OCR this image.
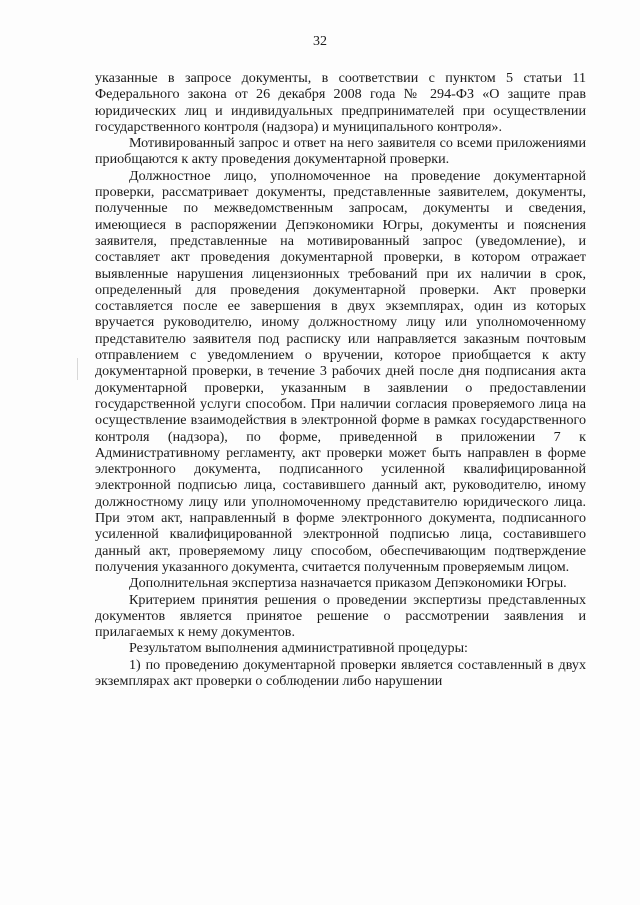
32

указанные в запросе документы, в соответствии с пунктом 5 статьи 11 Федерального закона от 26 декабря 2008 года № 294-ФЗ «О защите прав юридических лиц и индивидуальных предпринимателей при осуществлении государственного контроля (надзора) и муниципального контроля».

Мотивированный запрос и ответ на него заявителя со всеми приложениями приобщаются к акту проведения документарной проверки.

Должностное лицо, уполномоченное на проведение документарной проверки, рассматривает документы, представленные заявителем, документы, полученные по межведомственным запросам, документы и сведения, имеющиеся в распоряжении Депэкономики Югры, документы и пояснения заявителя, представленные на мотивированный запрос (уведомление), и составляет акт проведения документарной проверки, в котором отражает выявленные нарушения лицензионных требований при их наличии в срок, определенный для проведения документарной проверки. Акт проверки составляется после ее завершения в двух экземплярах, один из которых вручается руководителю, иному должностному лицу или уполномоченному представителю заявителя под расписку или направляется заказным почтовым отправлением с уведомлением о вручении, которое приобщается к акту документарной проверки, в течение 3 рабочих дней после дня подписания акта документарной проверки, указанным в заявлении о предоставлении государственной услуги способом. При наличии согласия проверяемого лица на осуществление взаимодействия в электронной форме в рамках государственного контроля (надзора), по форме, приведенной в приложении 7 к Административному регламенту, акт проверки может быть направлен в форме электронного документа, подписанного усиленной квалифицированной электронной подписью лица, составившего данный акт, руководителю, иному должностному лицу или уполномоченному представителю юридического лица. При этом акт, направленный в форме электронного документа, подписанного усиленной квалифицированной электронной подписью лица, составившего данный акт, проверяемому лицу способом, обеспечивающим подтверждение получения указанного документа, считается полученным проверяемым лицом.

Дополнительная экспертиза назначается приказом Депэкономики Югры.

Критерием принятия решения о проведении экспертизы представленных документов является принятое решение о рассмотрении заявления и прилагаемых к нему документов.

Результатом выполнения административной процедуры:

1) по проведению документарной проверки является составленный в двух экземплярах акт проверки о соблюдении либо нарушении
